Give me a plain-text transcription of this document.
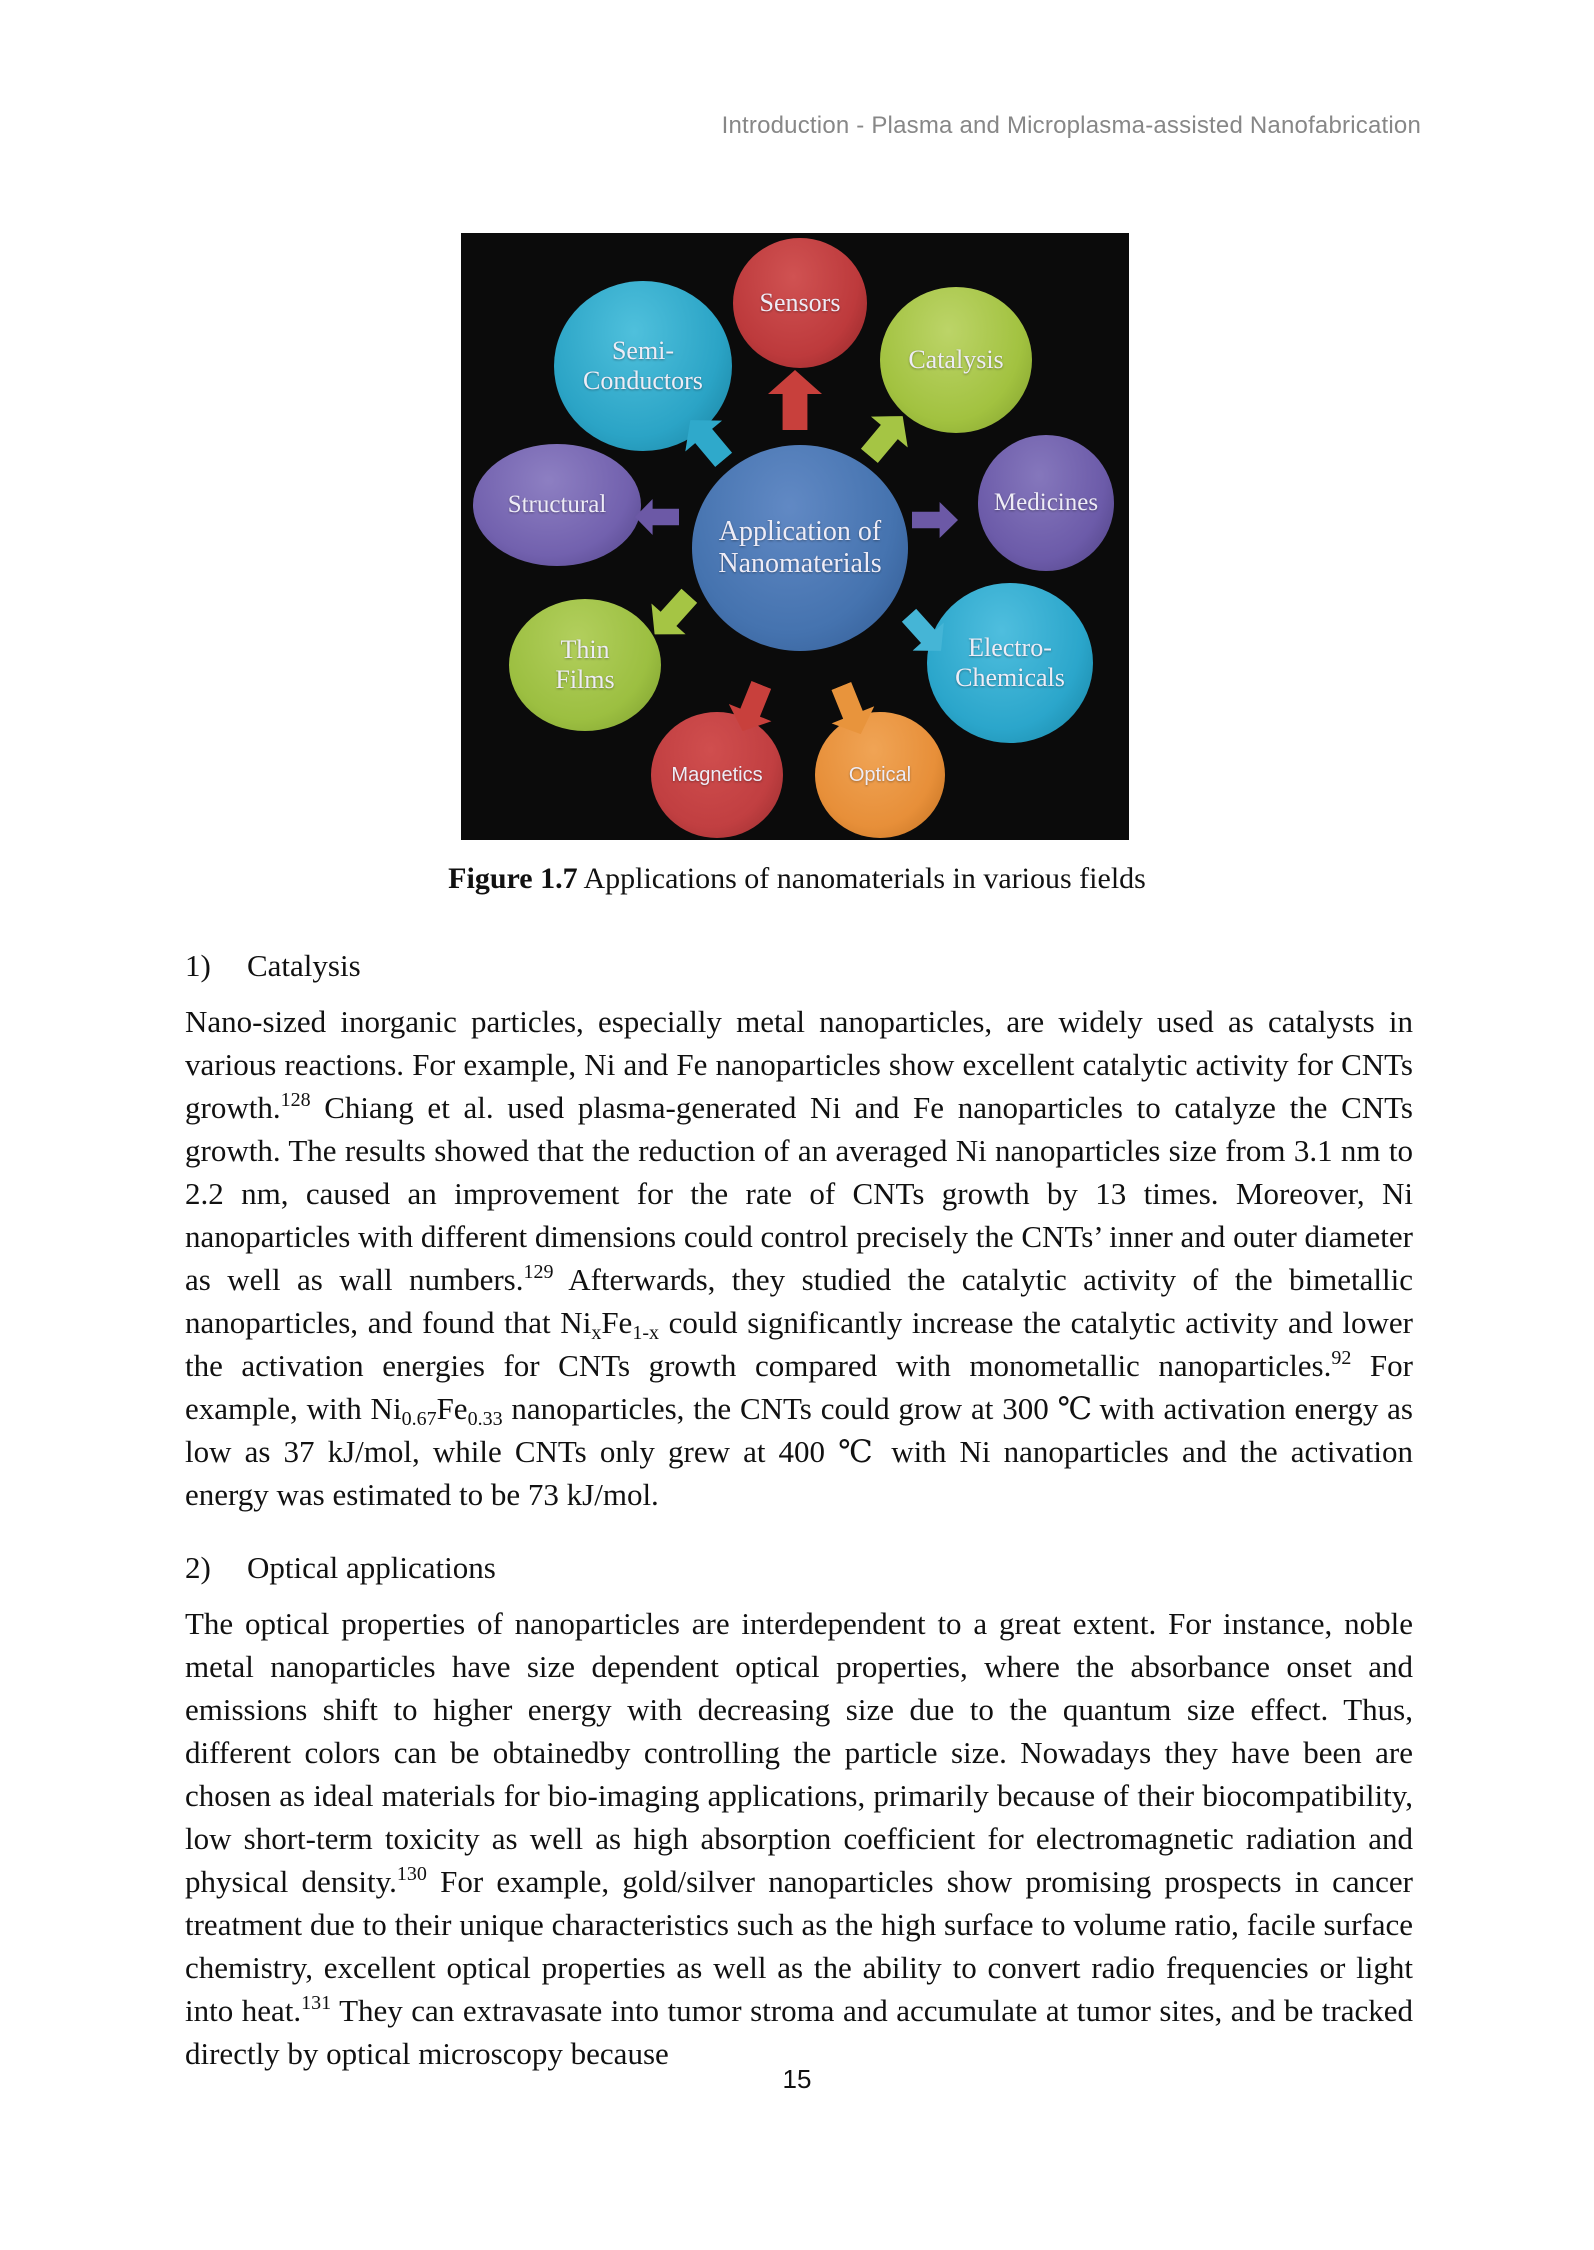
Introduction - Plasma and Microplasma-assisted Nanofabrication
Sensors
Semi-
Conductors
Catalysis
Structural	Medicines
Application of
Nanomaterials
Thin
Films
Electro-
Chemicals
Magnetics	Optical
Figure 1.7 Applications of nanomaterials in various fields
1) Catalysis

Nano-sized inorganic particles, especially metal nanoparticles, are widely used as catalysts in various reactions. For example, Ni and Fe nanoparticles show excellent catalytic activity for CNTs growth.$^{128}$ Chiang et al. used plasma-generated Ni and Fe nanoparticles to catalyze the CNTs growth. The results showed that the reduction of an averaged Ni nanoparticles size from 3.1 nm to 2.2 nm, caused an improvement for the rate of CNTs growth by 13 times. Moreover, Ni nanoparticles with different dimensions could control precisely the CNTs’ inner and outer diameter as well as wall numbers.$^{129}$ Afterwards, they studied the catalytic activity of the bimetallic nanoparticles, and found that $Ni_xFe_{1-x}$ could significantly increase the catalytic activity and lower the activation energies for CNTs growth compared with monometallic nanoparticles.$^{92}$ For example, with $Ni_{0.67}Fe_{0.33}$ nanoparticles, the CNTs could grow at 300 ℃ with activation energy as low as 37 kJ/mol, while CNTs only grew at 400 ℃ with Ni nanoparticles and the activation energy was estimated to be 73 kJ/mol.

2) Optical applications

The optical properties of nanoparticles are interdependent to a great extent. For instance, noble metal nanoparticles have size dependent optical properties, where the absorbance onset and emissions shift to higher energy with decreasing size due to the quantum size effect. Thus, different colors can be obtainedby controlling the particle size. Nowadays they have been are chosen as ideal materials for bio-imaging applications, primarily because of their biocompatibility, low short-term toxicity as well as high absorption coefficient for electromagnetic radiation and physical density.$^{130}$ For example, gold/silver nanoparticles show promising prospects in cancer treatment due to their unique characteristics such as the high surface to volume ratio, facile surface chemistry, excellent optical properties as well as the ability to convert radio frequencies or light into heat.$^{131}$ They can extravasate into tumor stroma and accumulate at tumor sites, and be tracked directly by optical microscopy because

15
